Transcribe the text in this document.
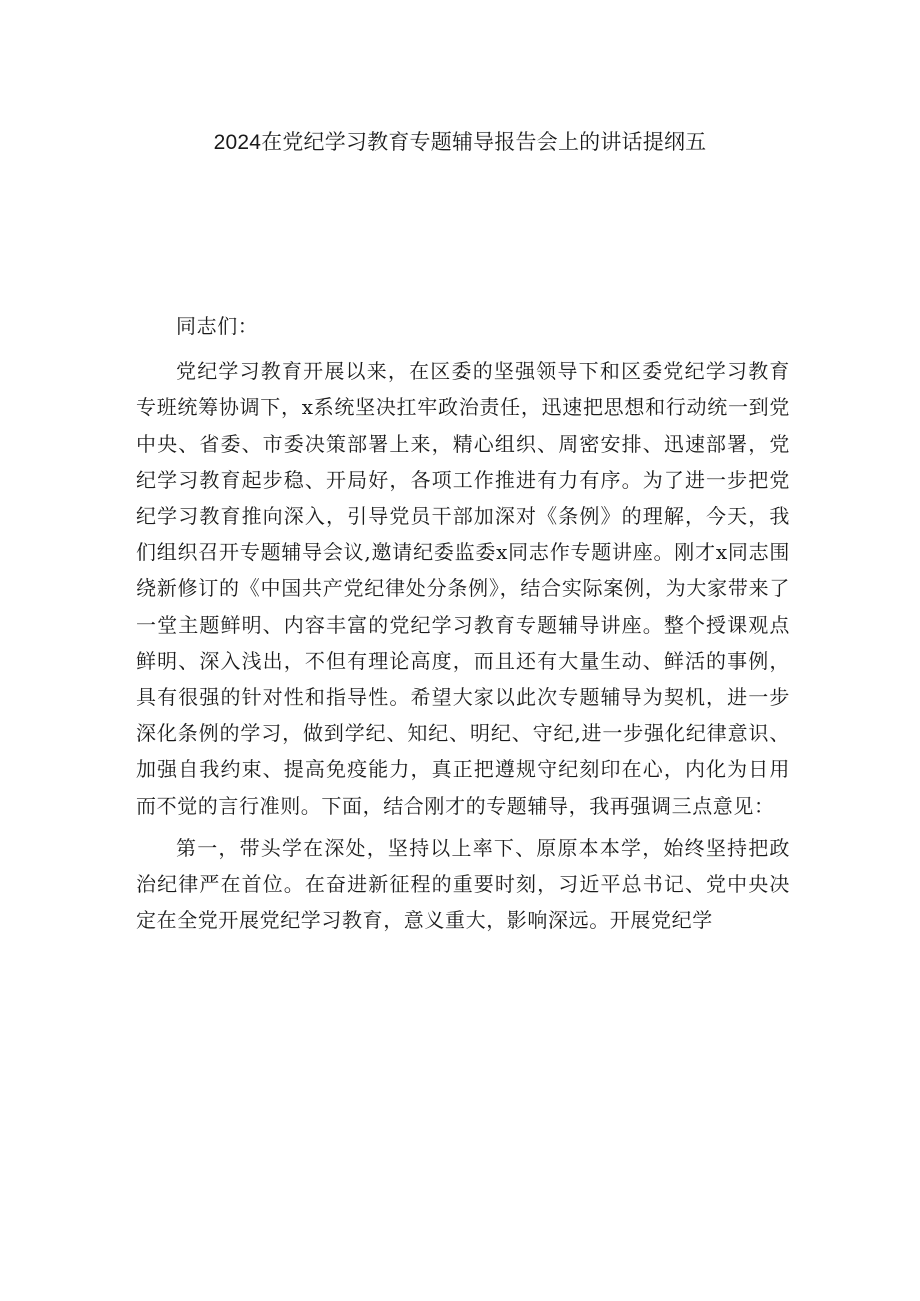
2024在党纪学习教育专题辅导报告会上的讲话提纲五

同志们：

党纪学习教育开展以来，在区委的坚强领导下和区委党纪学习教育专班统筹协调下，x系统坚决扛牢政治责任，迅速把思想和行动统一到党中央、省委、市委决策部署上来，精心组织、周密安排、迅速部署，党纪学习教育起步稳、开局好，各项工作推进有力有序。为了进一步把党纪学习教育推向深入，引导党员干部加深对《条例》的理解，今天，我们组织召开专题辅导会议,邀请纪委监委x同志作专题讲座。刚才x同志围绕新修订的《中国共产党纪律处分条例》，结合实际案例，为大家带来了一堂主题鲜明、内容丰富的党纪学习教育专题辅导讲座。整个授课观点鲜明、深入浅出，不但有理论高度，而且还有大量生动、鲜活的事例，具有很强的针对性和指导性。希望大家以此次专题辅导为契机，进一步深化条例的学习，做到学纪、知纪、明纪、守纪,进一步强化纪律意识、加强自我约束、提高免疫能力，真正把遵规守纪刻印在心，内化为日用而不觉的言行准则。下面，结合刚才的专题辅导，我再强调三点意见：

第一，带头学在深处，坚持以上率下、原原本本学，始终坚持把政治纪律严在首位。在奋进新征程的重要时刻，习近平总书记、党中央决定在全党开展党纪学习教育，意义重大，影响深远。开展党纪学
